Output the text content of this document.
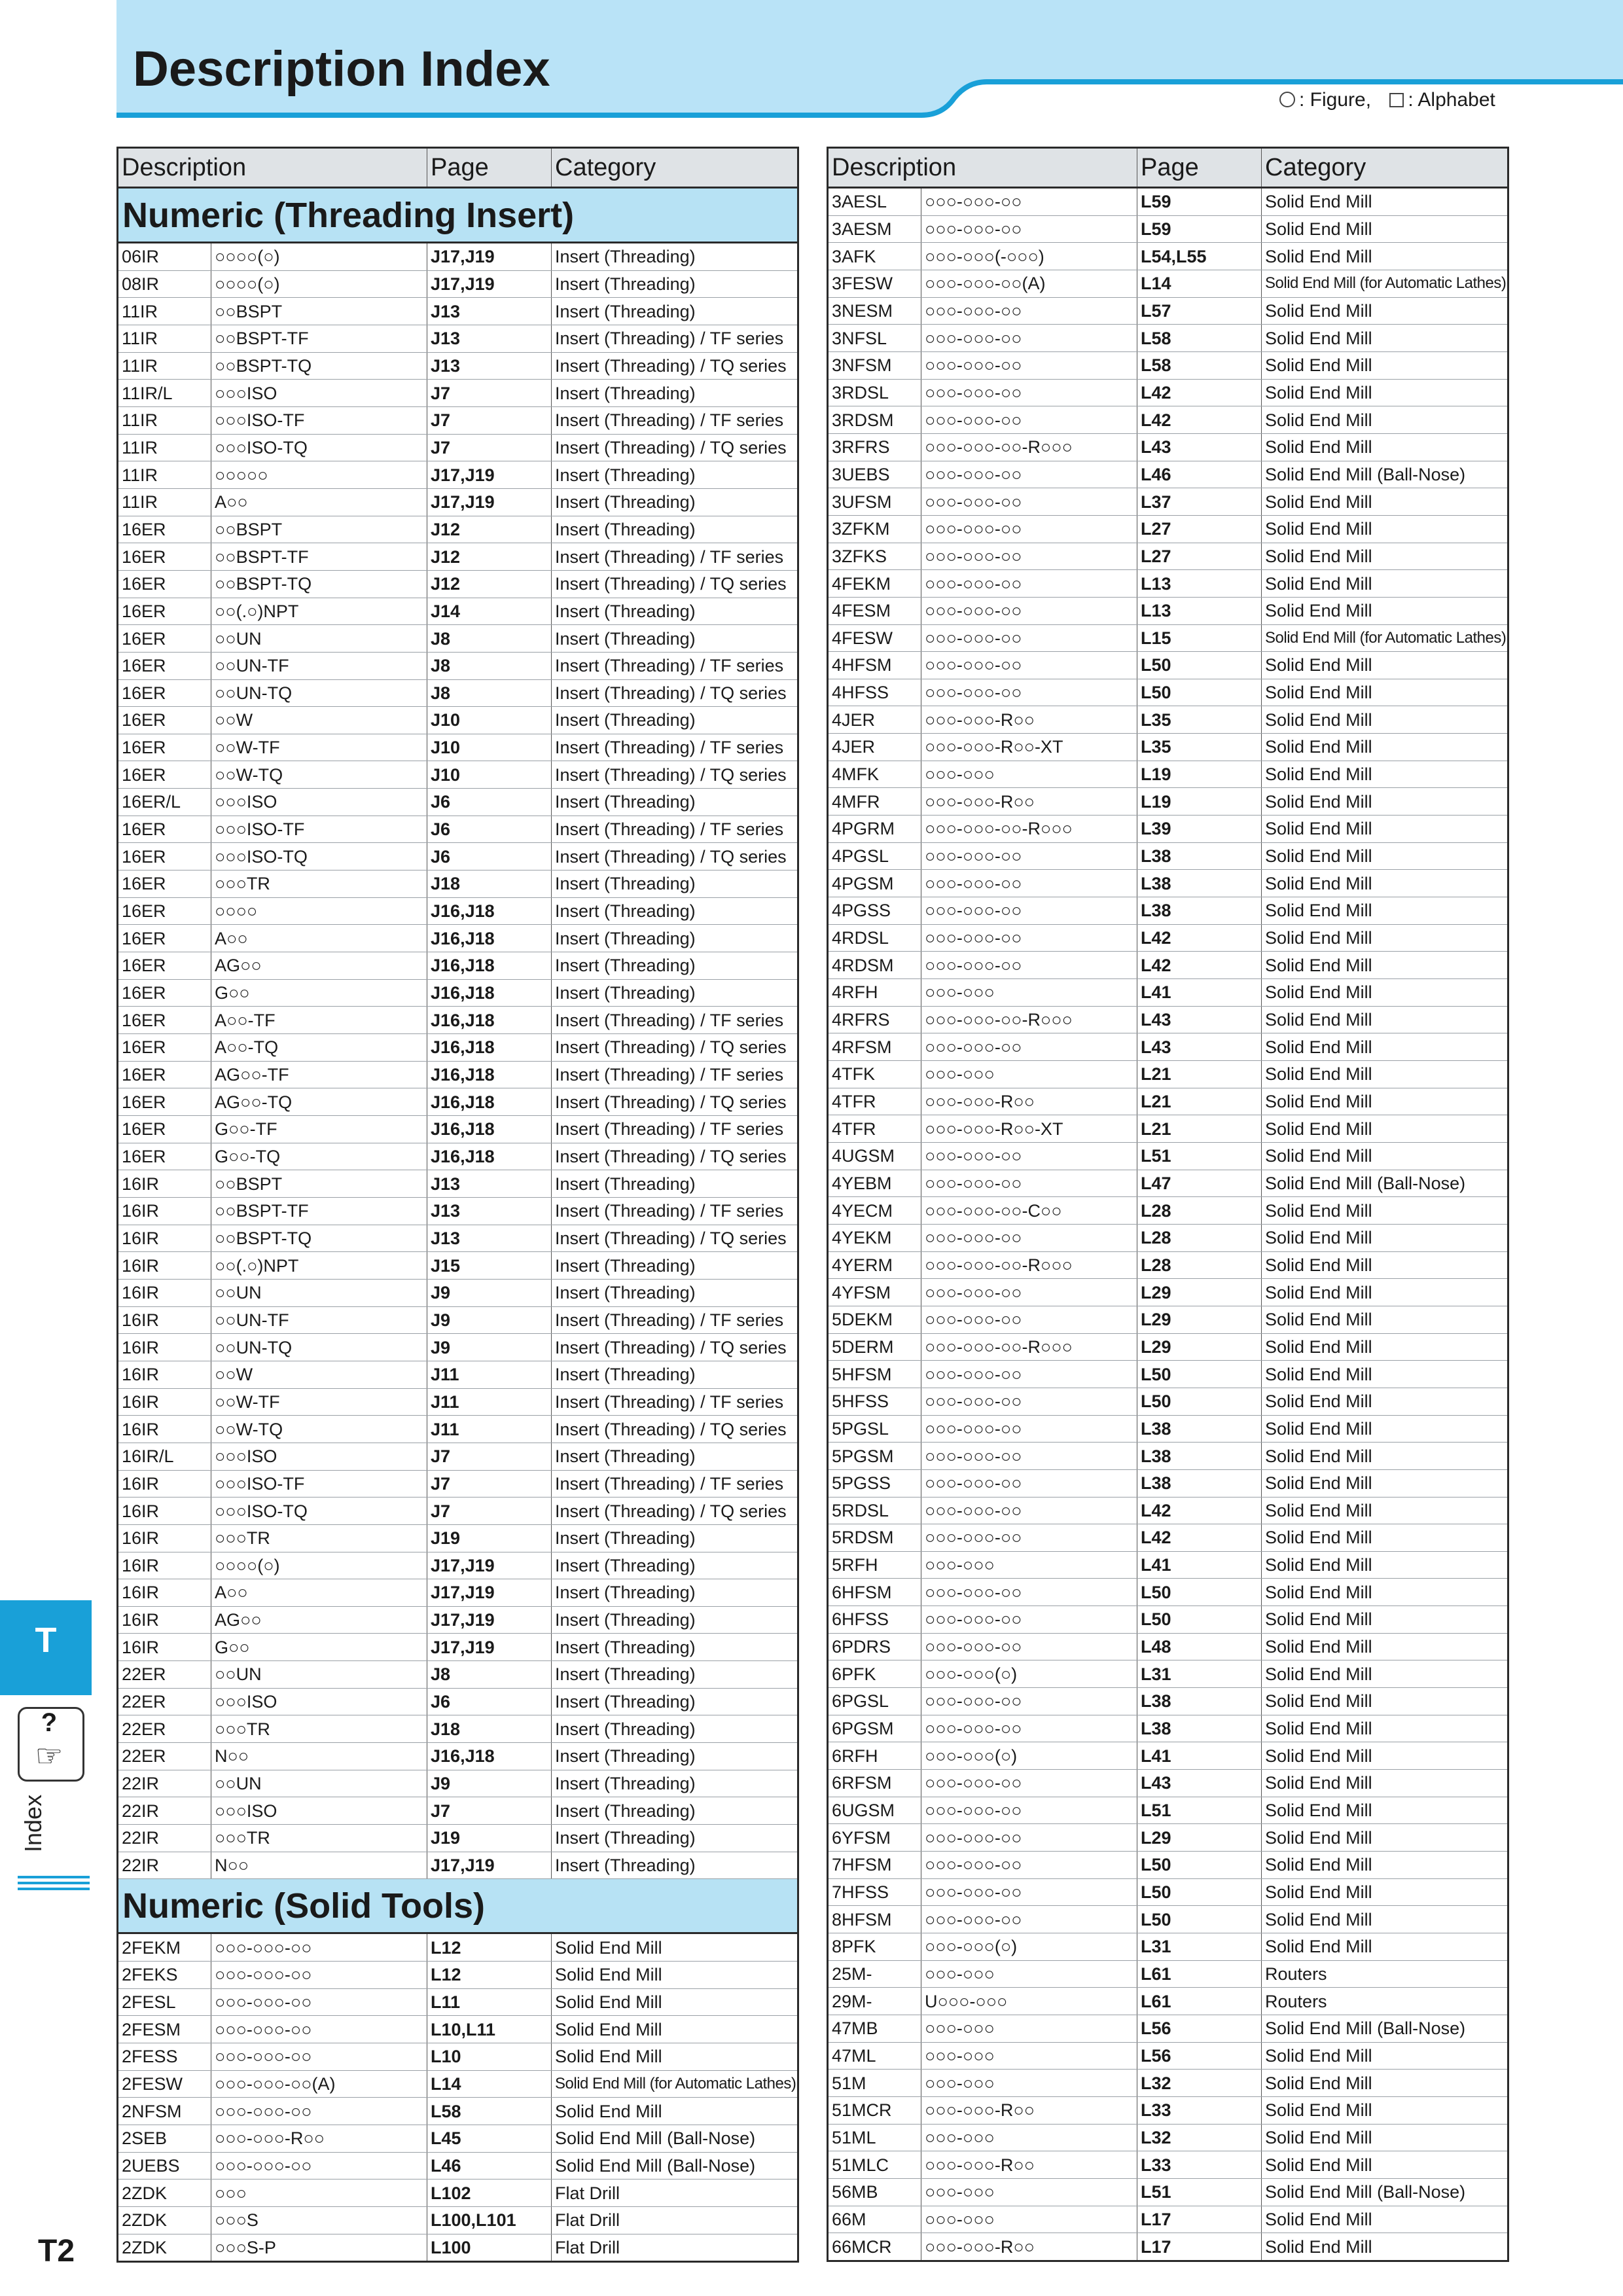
Description Index
: Figure, : Alphabet
Description		Page	Category
Numeric (Threading Insert)			
06IR	○○○○(○)	J17,J19	Insert (Threading)
08IR	○○○○(○)	J17,J19	Insert (Threading)
11IR	○○BSPT	J13	Insert (Threading)
11IR	○○BSPT-TF	J13	Insert (Threading) / TF series
11IR	○○BSPT-TQ	J13	Insert (Threading) / TQ series
11IR/L	○○○ISO	J7	Insert (Threading)
11IR	○○○ISO-TF	J7	Insert (Threading) / TF series
11IR	○○○ISO-TQ	J7	Insert (Threading) / TQ series
11IR	○○○○○	J17,J19	Insert (Threading)
11IR	A○○	J17,J19	Insert (Threading)
16ER	○○BSPT	J12	Insert (Threading)
16ER	○○BSPT-TF	J12	Insert (Threading) / TF series
16ER	○○BSPT-TQ	J12	Insert (Threading) / TQ series
16ER	○○(.○)NPT	J14	Insert (Threading)
16ER	○○UN	J8	Insert (Threading)
16ER	○○UN-TF	J8	Insert (Threading) / TF series
16ER	○○UN-TQ	J8	Insert (Threading) / TQ series
16ER	○○W	J10	Insert (Threading)
16ER	○○W-TF	J10	Insert (Threading) / TF series
16ER	○○W-TQ	J10	Insert (Threading) / TQ series
16ER/L	○○○ISO	J6	Insert (Threading)
16ER	○○○ISO-TF	J6	Insert (Threading) / TF series
16ER	○○○ISO-TQ	J6	Insert (Threading) / TQ series
16ER	○○○TR	J18	Insert (Threading)
16ER	○○○○	J16,J18	Insert (Threading)
16ER	A○○	J16,J18	Insert (Threading)
16ER	AG○○	J16,J18	Insert (Threading)
16ER	G○○	J16,J18	Insert (Threading)
16ER	A○○-TF	J16,J18	Insert (Threading) / TF series
16ER	A○○-TQ	J16,J18	Insert (Threading) / TQ series
16ER	AG○○-TF	J16,J18	Insert (Threading) / TF series
16ER	AG○○-TQ	J16,J18	Insert (Threading) / TQ series
16ER	G○○-TF	J16,J18	Insert (Threading) / TF series
16ER	G○○-TQ	J16,J18	Insert (Threading) / TQ series
16IR	○○BSPT	J13	Insert (Threading)
16IR	○○BSPT-TF	J13	Insert (Threading) / TF series
16IR	○○BSPT-TQ	J13	Insert (Threading) / TQ series
16IR	○○(.○)NPT	J15	Insert (Threading)
16IR	○○UN	J9	Insert (Threading)
16IR	○○UN-TF	J9	Insert (Threading) / TF series
16IR	○○UN-TQ	J9	Insert (Threading) / TQ series
16IR	○○W	J11	Insert (Threading)
16IR	○○W-TF	J11	Insert (Threading) / TF series
16IR	○○W-TQ	J11	Insert (Threading) / TQ series
16IR/L	○○○ISO	J7	Insert (Threading)
16IR	○○○ISO-TF	J7	Insert (Threading) / TF series
16IR	○○○ISO-TQ	J7	Insert (Threading) / TQ series
16IR	○○○TR	J19	Insert (Threading)
16IR	○○○○(○)	J17,J19	Insert (Threading)
16IR	A○○	J17,J19	Insert (Threading)
16IR	AG○○	J17,J19	Insert (Threading)
16IR	G○○	J17,J19	Insert (Threading)
22ER	○○UN	J8	Insert (Threading)
22ER	○○○ISO	J6	Insert (Threading)
22ER	○○○TR	J18	Insert (Threading)
22ER	N○○	J16,J18	Insert (Threading)
22IR	○○UN	J9	Insert (Threading)
22IR	○○○ISO	J7	Insert (Threading)
22IR	○○○TR	J19	Insert (Threading)
22IR	N○○	J17,J19	Insert (Threading)
Numeric (Solid Tools)			
2FEKM	○○○-○○○-○○	L12	Solid End Mill
2FEKS	○○○-○○○-○○	L12	Solid End Mill
2FESL	○○○-○○○-○○	L11	Solid End Mill
2FESM	○○○-○○○-○○	L10,L11	Solid End Mill
2FESS	○○○-○○○-○○	L10	Solid End Mill
2FESW	○○○-○○○-○○(A)	L14	Solid End Mill (for Automatic Lathes)
2NFSM	○○○-○○○-○○	L58	Solid End Mill
2SEB	○○○-○○○-R○○	L45	Solid End Mill (Ball-Nose)
2UEBS	○○○-○○○-○○	L46	Solid End Mill (Ball-Nose)
2ZDK	○○○	L102	Flat Drill
2ZDK	○○○S	L100,L101	Flat Drill
2ZDK	○○○S-P	L100	Flat Drill
Description		Page	Category
3AESL	○○○-○○○-○○	L59	Solid End Mill
3AESM	○○○-○○○-○○	L59	Solid End Mill
3AFK	○○○-○○○(-○○○)	L54,L55	Solid End Mill
3FESW	○○○-○○○-○○(A)	L14	Solid End Mill (for Automatic Lathes)
3NESM	○○○-○○○-○○	L57	Solid End Mill
3NFSL	○○○-○○○-○○	L58	Solid End Mill
3NFSM	○○○-○○○-○○	L58	Solid End Mill
3RDSL	○○○-○○○-○○	L42	Solid End Mill
3RDSM	○○○-○○○-○○	L42	Solid End Mill
3RFRS	○○○-○○○-○○-R○○○	L43	Solid End Mill
3UEBS	○○○-○○○-○○	L46	Solid End Mill (Ball-Nose)
3UFSM	○○○-○○○-○○	L37	Solid End Mill
3ZFKM	○○○-○○○-○○	L27	Solid End Mill
3ZFKS	○○○-○○○-○○	L27	Solid End Mill
4FEKM	○○○-○○○-○○	L13	Solid End Mill
4FESM	○○○-○○○-○○	L13	Solid End Mill
4FESW	○○○-○○○-○○	L15	Solid End Mill (for Automatic Lathes)
4HFSM	○○○-○○○-○○	L50	Solid End Mill
4HFSS	○○○-○○○-○○	L50	Solid End Mill
4JER	○○○-○○○-R○○	L35	Solid End Mill
4JER	○○○-○○○-R○○-XT	L35	Solid End Mill
4MFK	○○○-○○○	L19	Solid End Mill
4MFR	○○○-○○○-R○○	L19	Solid End Mill
4PGRM	○○○-○○○-○○-R○○○	L39	Solid End Mill
4PGSL	○○○-○○○-○○	L38	Solid End Mill
4PGSM	○○○-○○○-○○	L38	Solid End Mill
4PGSS	○○○-○○○-○○	L38	Solid End Mill
4RDSL	○○○-○○○-○○	L42	Solid End Mill
4RDSM	○○○-○○○-○○	L42	Solid End Mill
4RFH	○○○-○○○	L41	Solid End Mill
4RFRS	○○○-○○○-○○-R○○○	L43	Solid End Mill
4RFSM	○○○-○○○-○○	L43	Solid End Mill
4TFK	○○○-○○○	L21	Solid End Mill
4TFR	○○○-○○○-R○○	L21	Solid End Mill
4TFR	○○○-○○○-R○○-XT	L21	Solid End Mill
4UGSM	○○○-○○○-○○	L51	Solid End Mill
4YEBM	○○○-○○○-○○	L47	Solid End Mill (Ball-Nose)
4YECM	○○○-○○○-○○-C○○	L28	Solid End Mill
4YEKM	○○○-○○○-○○	L28	Solid End Mill
4YERM	○○○-○○○-○○-R○○○	L28	Solid End Mill
4YFSM	○○○-○○○-○○	L29	Solid End Mill
5DEKM	○○○-○○○-○○	L29	Solid End Mill
5DERM	○○○-○○○-○○-R○○○	L29	Solid End Mill
5HFSM	○○○-○○○-○○	L50	Solid End Mill
5HFSS	○○○-○○○-○○	L50	Solid End Mill
5PGSL	○○○-○○○-○○	L38	Solid End Mill
5PGSM	○○○-○○○-○○	L38	Solid End Mill
5PGSS	○○○-○○○-○○	L38	Solid End Mill
5RDSL	○○○-○○○-○○	L42	Solid End Mill
5RDSM	○○○-○○○-○○	L42	Solid End Mill
5RFH	○○○-○○○	L41	Solid End Mill
6HFSM	○○○-○○○-○○	L50	Solid End Mill
6HFSS	○○○-○○○-○○	L50	Solid End Mill
6PDRS	○○○-○○○-○○	L48	Solid End Mill
6PFK	○○○-○○○(○)	L31	Solid End Mill
6PGSL	○○○-○○○-○○	L38	Solid End Mill
6PGSM	○○○-○○○-○○	L38	Solid End Mill
6RFH	○○○-○○○(○)	L41	Solid End Mill
6RFSM	○○○-○○○-○○	L43	Solid End Mill
6UGSM	○○○-○○○-○○	L51	Solid End Mill
6YFSM	○○○-○○○-○○	L29	Solid End Mill
7HFSM	○○○-○○○-○○	L50	Solid End Mill
7HFSS	○○○-○○○-○○	L50	Solid End Mill
8HFSM	○○○-○○○-○○	L50	Solid End Mill
8PFK	○○○-○○○(○)	L31	Solid End Mill
25M-	○○○-○○○	L61	Routers
29M-	U○○○-○○○	L61	Routers
47MB	○○○-○○○	L56	Solid End Mill (Ball-Nose)
47ML	○○○-○○○	L56	Solid End Mill
51M	○○○-○○○	L32	Solid End Mill
51MCR	○○○-○○○-R○○	L33	Solid End Mill
51ML	○○○-○○○	L32	Solid End Mill
51MLC	○○○-○○○-R○○	L33	Solid End Mill
56MB	○○○-○○○	L51	Solid End Mill (Ball-Nose)
66M	○○○-○○○	L17	Solid End Mill
66MCR	○○○-○○○-R○○	L17	Solid End Mill
T
?
☞
Index
T2
